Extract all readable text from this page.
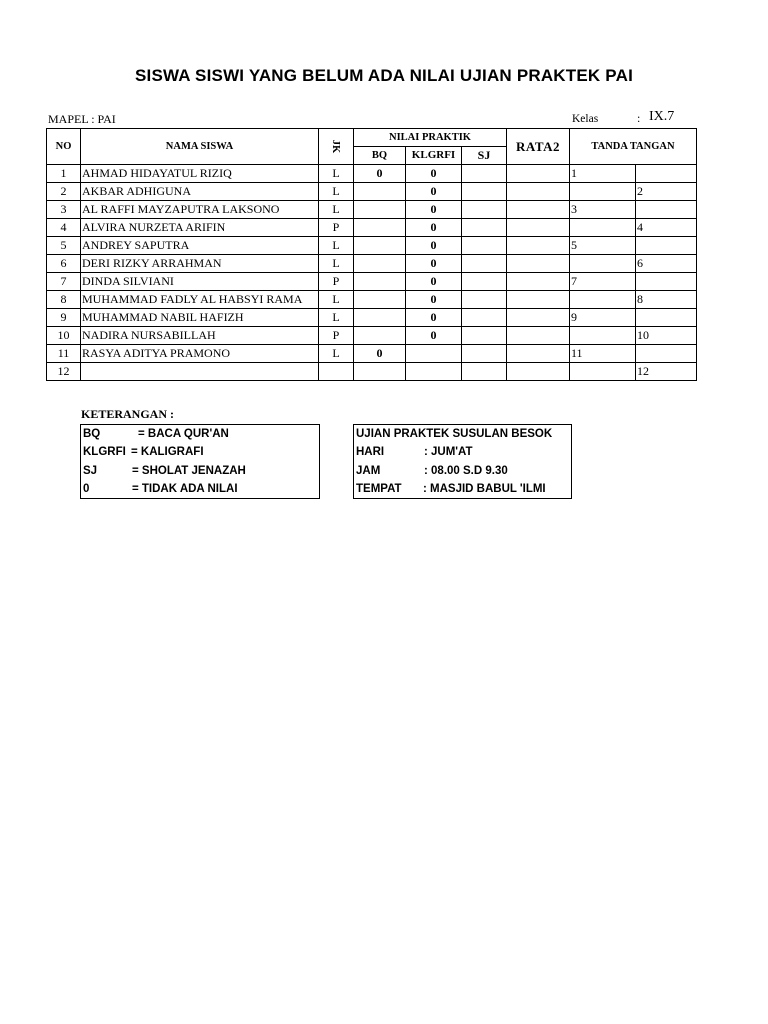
SISWA SISWI YANG BELUM ADA NILAI UJIAN PRAKTEK PAI
MAPEL : PAI	Kelas	: IX.7
NO	NAMA SISWA	JK	NILAI PRAKTIK			RATA2	TANDA TANGAN	
			BQ	KLGRFI	SJ			
1	AHMAD HIDAYATUL RIZIQ	L	0	0			1	
2	AKBAR ADHIGUNA	L		0				2
3	AL RAFFI MAYZAPUTRA LAKSONO	L		0			3	
4	ALVIRA NURZETA ARIFIN	P		0				4
5	ANDREY SAPUTRA	L		0			5	
6	DERI RIZKY ARRAHMAN	L		0				6
7	DINDA SILVIANI	P		0			7	
8	MUHAMMAD FADLY AL HABSYI RAMA	L		0				8
9	MUHAMMAD NABIL HAFIZH	L		0			9	
10	NADIRA NURSABILLAH	P		0				10
11	RASYA ADITYA PRAMONO	L	0				11	
12								12
KETERANGAN :
BQ	= BACA QUR'AN
KLGRFI = KALIGRAFI
SJ	= SHOLAT JENAZAH
0	= TIDAK ADA NILAI
UJIAN PRAKTEK SUSULAN BESOK
HARI	: JUM'AT
JAM	: 08.00 S.D 9.30
TEMPAT : MASJID BABUL 'ILMI
